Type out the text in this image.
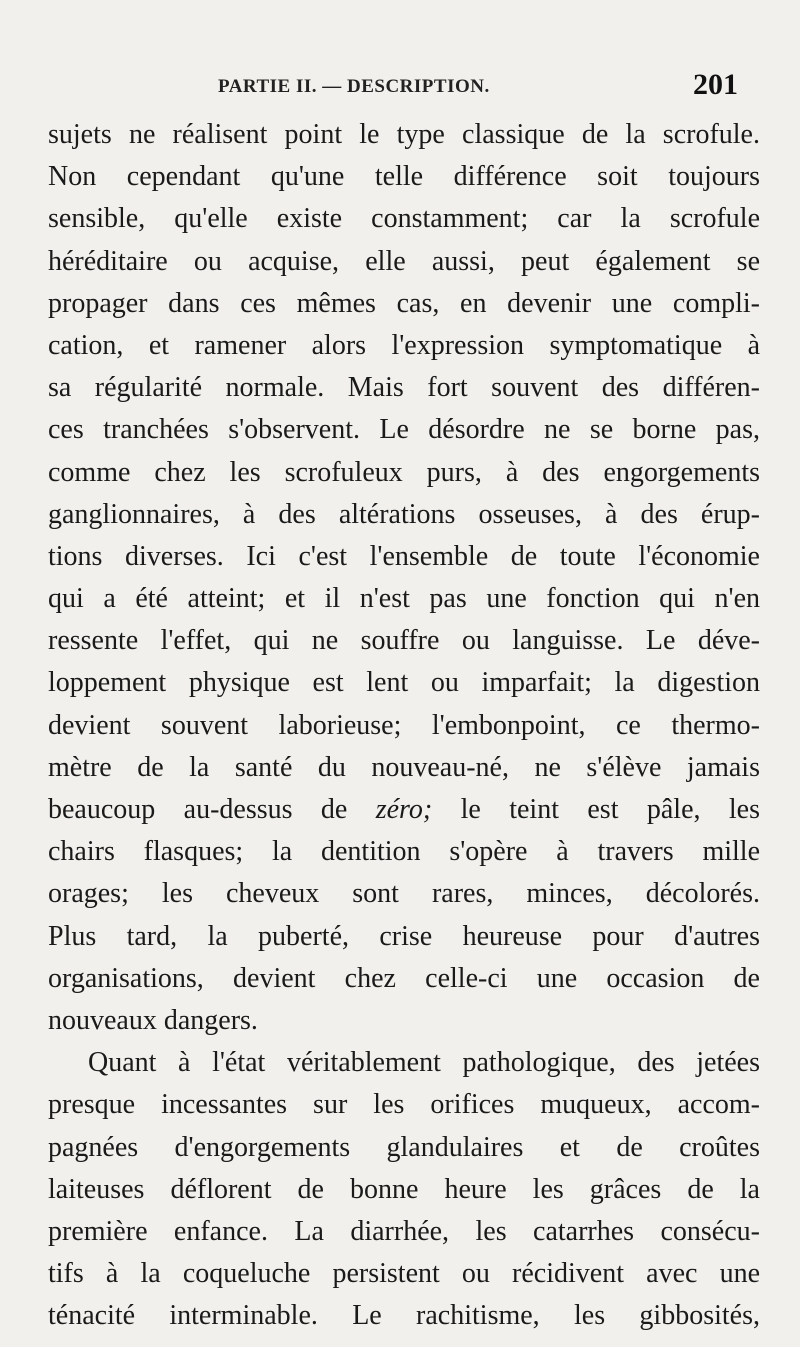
PARTIE II. — DESCRIPTION.	201
sujets ne réalisent point le type classique de la scrofule.
Non cependant qu'une telle différence soit toujours
sensible, qu'elle existe constamment; car la scrofule
héréditaire ou acquise, elle aussi, peut également se
propager dans ces mêmes cas, en devenir une compli-
cation, et ramener alors l'expression symptomatique à
sa régularité normale. Mais fort souvent des différen-
ces tranchées s'observent. Le désordre ne se borne pas,
comme chez les scrofuleux purs, à des engorgements
ganglionnaires, à des altérations osseuses, à des érup-
tions diverses. Ici c'est l'ensemble de toute l'économie
qui a été atteint; et il n'est pas une fonction qui n'en
ressente l'effet, qui ne souffre ou languisse. Le déve-
loppement physique est lent ou imparfait; la digestion
devient souvent laborieuse; l'embonpoint, ce thermo-
mètre de la santé du nouveau-né, ne s'élève jamais
beaucoup au-dessus de zéro; le teint est pâle, les
chairs flasques; la dentition s'opère à travers mille
orages; les cheveux sont rares, minces, décolorés.
Plus tard, la puberté, crise heureuse pour d'autres
organisations, devient chez celle-ci une occasion de
nouveaux dangers.
Quant à l'état véritablement pathologique, des jetées
presque incessantes sur les orifices muqueux, accom-
pagnées d'engorgements glandulaires et de croûtes
laiteuses déflorent de bonne heure les grâces de la
première enfance. La diarrhée, les catarrhes consécu-
tifs à la coqueluche persistent ou récidivent avec une
ténacité interminable. Le rachitisme, les gibbosités,
